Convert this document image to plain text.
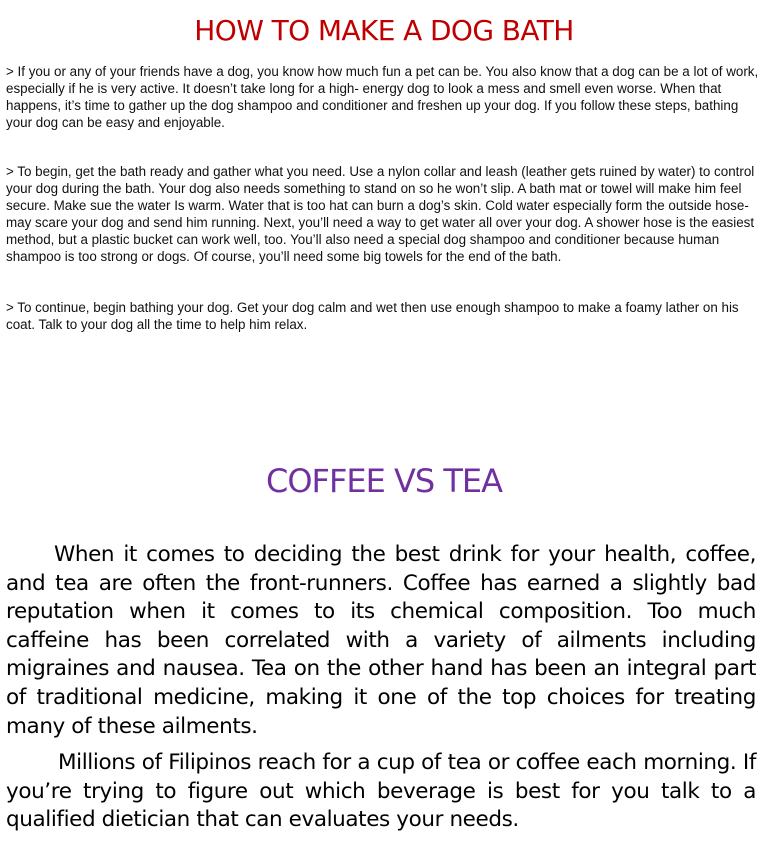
HOW TO MAKE A DOG BATH

> If you or any of your friends have a dog, you know how much fun a pet can be. You also know that a dog can be a lot of work, especially if he is very active. It doesn’t take long for a high- energy dog to look a mess and smell even worse. When that happens, it’s time to gather up the dog shampoo and conditioner and freshen up your dog. If you follow these steps, bathing your dog can be easy and enjoyable.

> To begin, get the bath ready and gather what you need. Use a nylon collar and leash (leather gets ruined by water) to control your dog during the bath. Your dog also needs something to stand on so he won’t slip. A bath mat or towel will make him feel secure. Make sue the water Is warm. Water that is too hat can burn a dog’s skin. Cold water especially form the outside hose-may scare your dog and send him running. Next, you’ll need a way to get water all over your dog. A shower hose is the easiest method, but a plastic bucket can work well, too. You’ll also need a special dog shampoo and conditioner because human shampoo is too strong or dogs. Of course, you’ll need some big towels for the end of the bath.

> To continue, begin bathing your dog. Get your dog calm and wet then use enough shampoo to make a foamy lather on his coat. Talk to your dog all the time to help him relax.

COFFEE VS TEA

When it comes to deciding the best drink for your health, coffee, and tea are often the front-runners. Coffee has earned a slightly bad reputation when it comes to its chemical composition. Too much caffeine has been correlated with a variety of ailments including migraines and nausea. Tea on the other hand has been an integral part of traditional medicine, making it one of the top choices for treating many of these ailments.

Millions of Filipinos reach for a cup of tea or coffee each morning. If you’re trying to figure out which beverage is best for you talk to a qualified dietician that can evaluates your needs.
